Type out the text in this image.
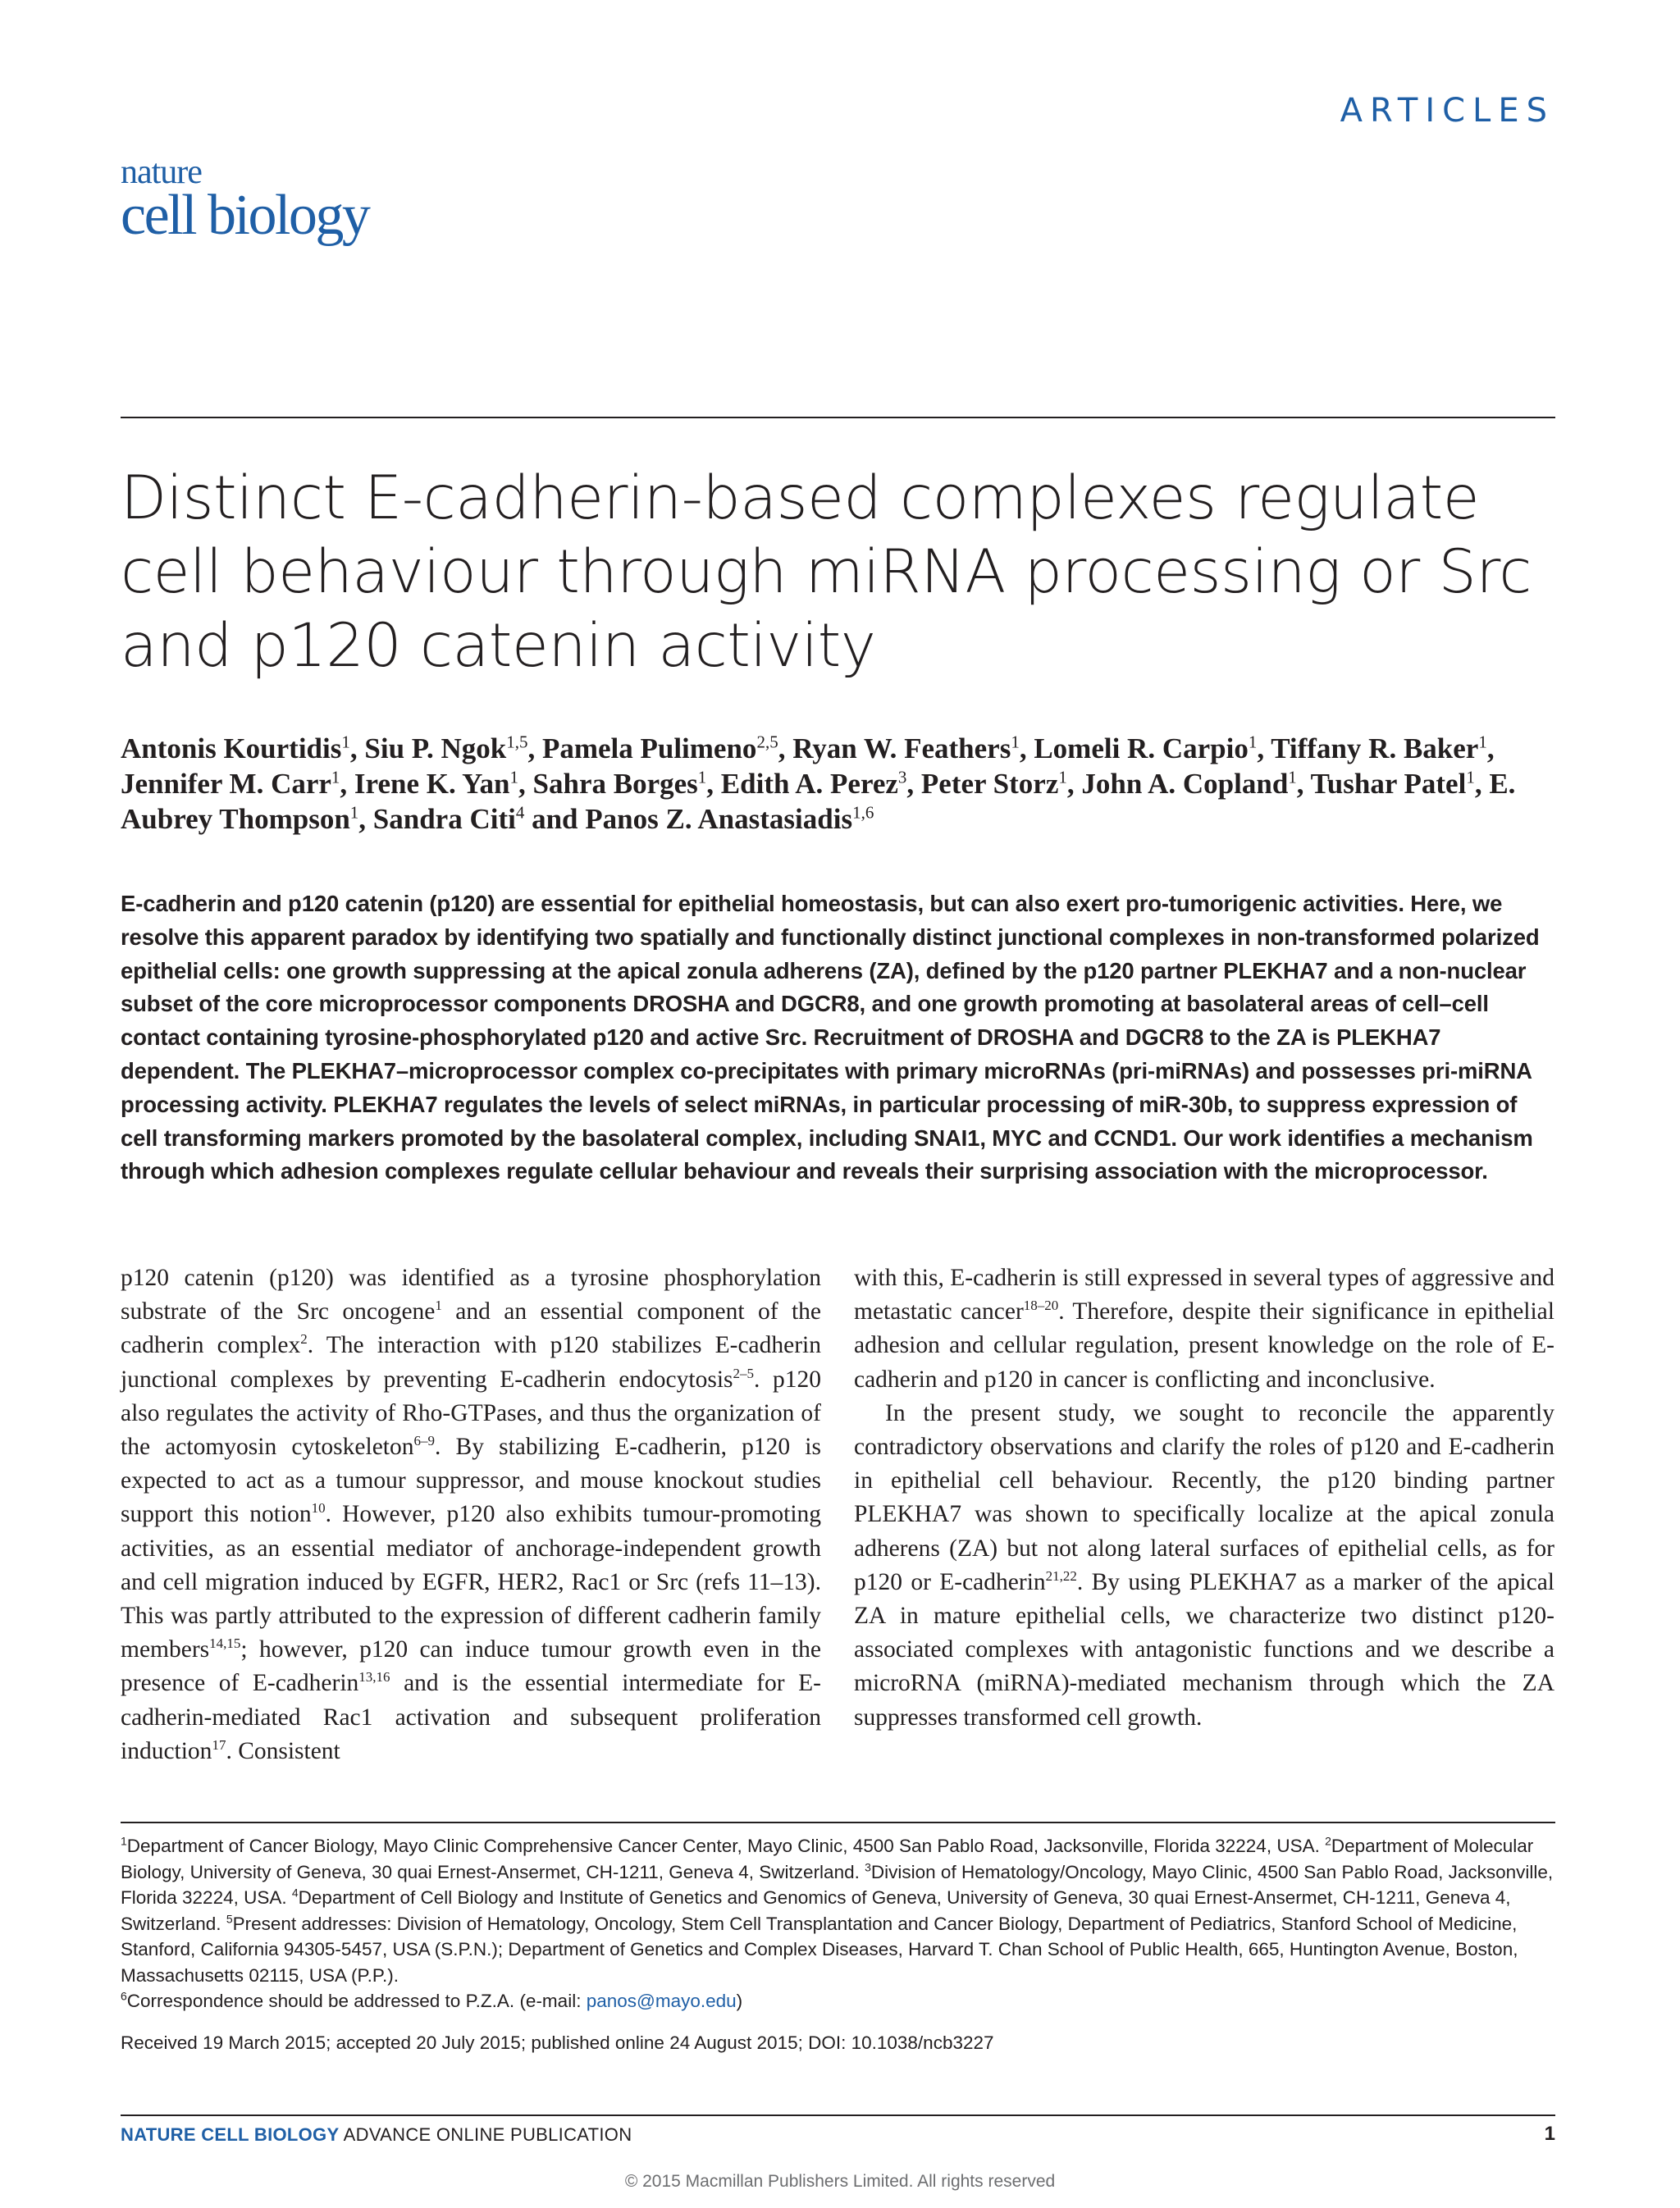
ARTICLES
nature
cell biology
Distinct E-cadherin-based complexes regulate cell behaviour through miRNA processing or Src and p120 catenin activity
Antonis Kourtidis$^1$, Siu P. Ngok$^{1,5}$, Pamela Pulimeno$^{2,5}$, Ryan W. Feathers$^1$, Lomeli R. Carpio$^1$, Tiffany R. Baker$^1$, Jennifer M. Carr$^1$, Irene K. Yan$^1$, Sahra Borges$^1$, Edith A. Perez$^3$, Peter Storz$^1$, John A. Copland$^1$, Tushar Patel$^1$, E. Aubrey Thompson$^1$, Sandra Citi$^4$ and Panos Z. Anastasiadis$^{1,6}$
E-cadherin and p120 catenin (p120) are essential for epithelial homeostasis, but can also exert pro-tumorigenic activities. Here, we resolve this apparent paradox by identifying two spatially and functionally distinct junctional complexes in non-transformed polarized epithelial cells: one growth suppressing at the apical zonula adherens (ZA), defined by the p120 partner PLEKHA7 and a non-nuclear subset of the core microprocessor components DROSHA and DGCR8, and one growth promoting at basolateral areas of cell–cell contact containing tyrosine-phosphorylated p120 and active Src. Recruitment of DROSHA and DGCR8 to the ZA is PLEKHA7 dependent. The PLEKHA7–microprocessor complex co-precipitates with primary microRNAs (pri-miRNAs) and possesses pri-miRNA processing activity. PLEKHA7 regulates the levels of select miRNAs, in particular processing of miR-30b, to suppress expression of cell transforming markers promoted by the basolateral complex, including SNAI1, MYC and CCND1. Our work identifies a mechanism through which adhesion complexes regulate cellular behaviour and reveals their surprising association with the microprocessor.

p120 catenin (p120) was identified as a tyrosine phosphorylation substrate of the Src oncogene$^1$ and an essential component of the cadherin complex$^2$. The interaction with p120 stabilizes E-cadherin junctional complexes by preventing E-cadherin endocytosis$^{2-5}$. p120 also regulates the activity of Rho-GTPases, and thus the organization of the actomyosin cytoskeleton$^{6-9}$. By stabilizing E-cadherin, p120 is expected to act as a tumour suppressor, and mouse knockout studies support this notion$^{10}$. However, p120 also exhibits tumour-promoting activities, as an essential mediator of anchorage-independent growth and cell migration induced by EGFR, HER2, Rac1 or Src (refs 11–13). This was partly attributed to the expression of different cadherin family members$^{14,15}$; however, p120 can induce tumour growth even in the presence of E-cadherin$^{13,16}$ and is the essential intermediate for E-cadherin-mediated Rac1 activation and subsequent proliferation induction$^{17}$. Consistent

with this, E-cadherin is still expressed in several types of aggressive and metastatic cancer$^{18-20}$. Therefore, despite their significance in epithelial adhesion and cellular regulation, present knowledge on the role of E-cadherin and p120 in cancer is conflicting and inconclusive.

In the present study, we sought to reconcile the apparently contradictory observations and clarify the roles of p120 and E-cadherin in epithelial cell behaviour. Recently, the p120 binding partner PLEKHA7 was shown to specifically localize at the apical zonula adherens (ZA) but not along lateral surfaces of epithelial cells, as for p120 or E-cadherin$^{21,22}$. By using PLEKHA7 as a marker of the apical ZA in mature epithelial cells, we characterize two distinct p120-associated complexes with antagonistic functions and we describe a microRNA (miRNA)-mediated mechanism through which the ZA suppresses transformed cell growth.

$^1$Department of Cancer Biology, Mayo Clinic Comprehensive Cancer Center, Mayo Clinic, 4500 San Pablo Road, Jacksonville, Florida 32224, USA. $^2$Department of Molecular Biology, University of Geneva, 30 quai Ernest-Ansermet, CH-1211, Geneva 4, Switzerland. $^3$Division of Hematology/Oncology, Mayo Clinic, 4500 San Pablo Road, Jacksonville, Florida 32224, USA. $^4$Department of Cell Biology and Institute of Genetics and Genomics of Geneva, University of Geneva, 30 quai Ernest-Ansermet, CH-1211, Geneva 4, Switzerland. $^5$Present addresses: Division of Hematology, Oncology, Stem Cell Transplantation and Cancer Biology, Department of Pediatrics, Stanford School of Medicine, Stanford, California 94305-5457, USA (S.P.N.); Department of Genetics and Complex Diseases, Harvard T. Chan School of Public Health, 665, Huntington Avenue, Boston, Massachusetts 02115, USA (P.P.).
$^6$Correspondence should be addressed to P.Z.A. (e-mail: panos@mayo.edu)
Received 19 March 2015; accepted 20 July 2015; published online 24 August 2015; DOI: 10.1038/ncb3227
NATURE CELL BIOLOGY ADVANCE ONLINE PUBLICATION	1
© 2015 Macmillan Publishers Limited. All rights reserved
